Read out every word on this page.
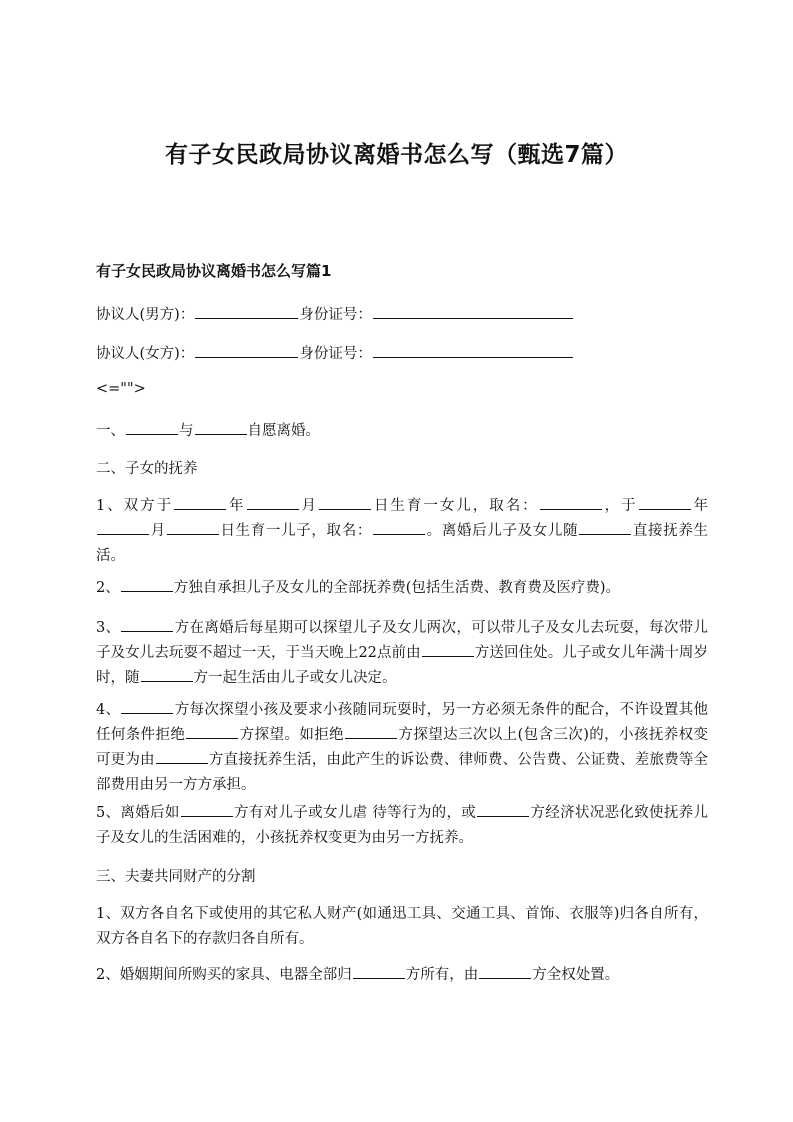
有子女民政局协议离婚书怎么写（甄选7篇）
有子女民政局协议离婚书怎么写篇1
协议人(男方)：	身份证号：
协议人(女方)：	身份证号：
<="">
一、	与	自愿离婚。
二、子女的抚养

1、双方于	年	月	日生育一女儿，取名：	，于	年月	日生育一儿子，取名：	。离婚后儿子及女儿随	直接抚养生活。

2、	方独自承担儿子及女儿的全部抚养费(包括生活费、教育费及医疗费)。

3、	方在离婚后每星期可以探望儿子及女儿两次，可以带儿子及女儿去玩耍，每次带儿子及女儿去玩耍不超过一天，于当天晚上22点前由	方送回住处。儿子或女儿年满十周岁时，随	方一起生活由儿子或女儿决定。

4、	方每次探望小孩及要求小孩随同玩耍时，另一方必须无条件的配合，不许设置其他任何条件拒绝	方探望。如拒绝	方探望达三次以上(包含三次)的，小孩抚养权变可更为由	方直接抚养生活，由此产生的诉讼费、律师费、公告费、公证费、差旅费等全部费用由另一方方承担。

5、离婚后如	方有对儿子或女儿虐 待等行为的，或	方经济状况恶化致使抚养儿子及女儿的生活困难的，小孩抚养权变更为由另一方抚养。

三、夫妻共同财产的分割

1、双方各自名下或使用的其它私人财产(如通迅工具、交通工具、首饰、衣服等)归各自所有，双方各自名下的存款归各自所有。

2、婚姻期间所购买的家具、电器全部归	方所有，由	方全权处置。
